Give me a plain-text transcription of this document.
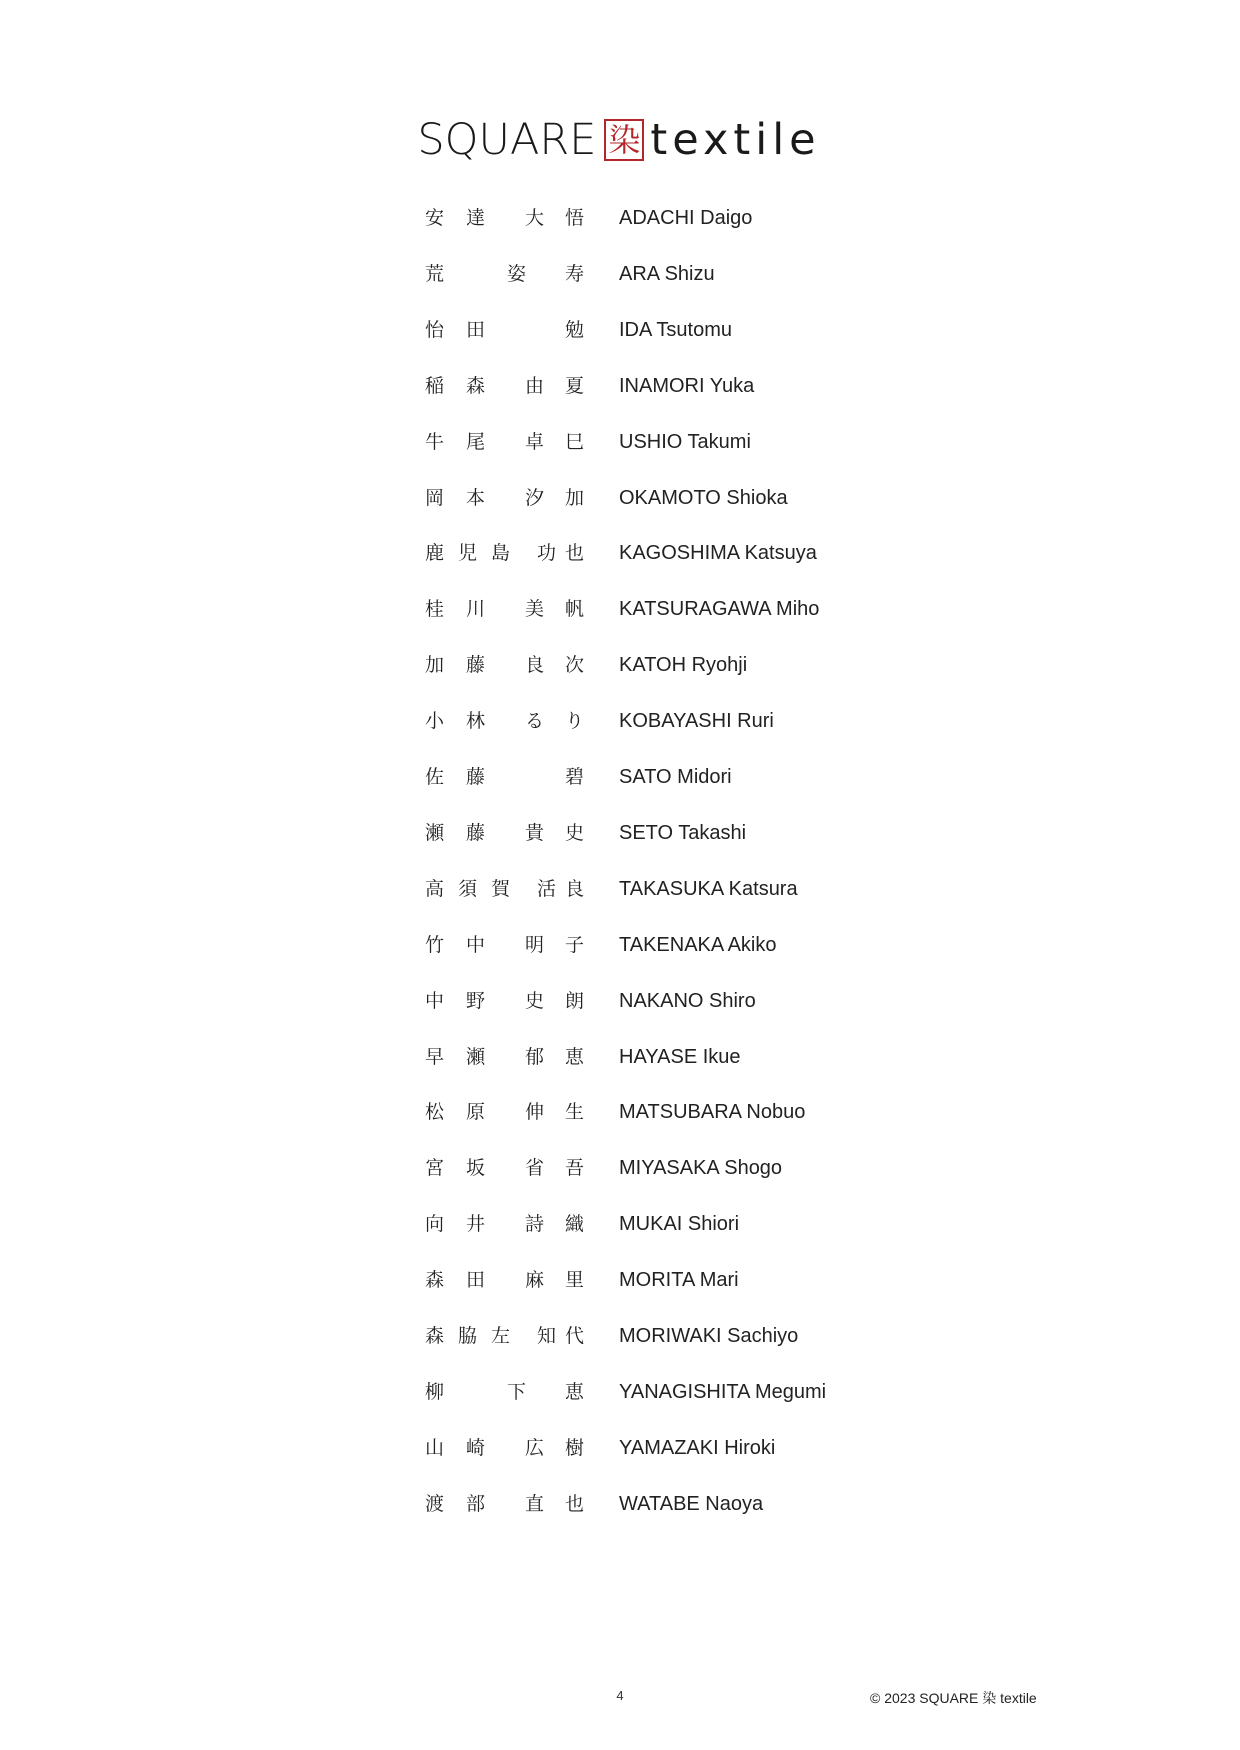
SQUARE 染 textile
安 達 大 悟 ADACHI Daigo
荒	姿 寿 ARA Shizu
怡 田	勉 IDA Tsutomu
稲 森 由 夏 INAMORI Yuka
牛 尾 卓 巳 USHIO Takumi
岡 本 汐 加 OKAMOTO Shioka
鹿 児 島 功 也 KAGOSHIMA Katsuya
桂 川 美 帆 KATSURAGAWA Miho
加 藤 良 次 KATOH Ryohji
小 林 る り KOBAYASHI Ruri
佐 藤	碧 SATO Midori
瀬 藤 貴 史 SETO Takashi
高 須 賀 活 良 TAKASUKA Katsura
竹 中 明 子 TAKENAKA Akiko
中 野 史 朗 NAKANO Shiro
早 瀬 郁 恵 HAYASE Ikue
松 原 伸 生 MATSUBARA Nobuo
宮 坂 省 吾 MIYASAKA Shogo
向 井 詩 織 MUKAI Shiori
森 田 麻 里 MORITA Mari
森 脇 左 知 代 MORIWAKI Sachiyo
柳	下 恵 YANAGISHITA Megumi
山 崎 広 樹 YAMAZAKI Hiroki
渡 部 直 也 WATABE Naoya
4	© 2023 SQUARE 染 textile
